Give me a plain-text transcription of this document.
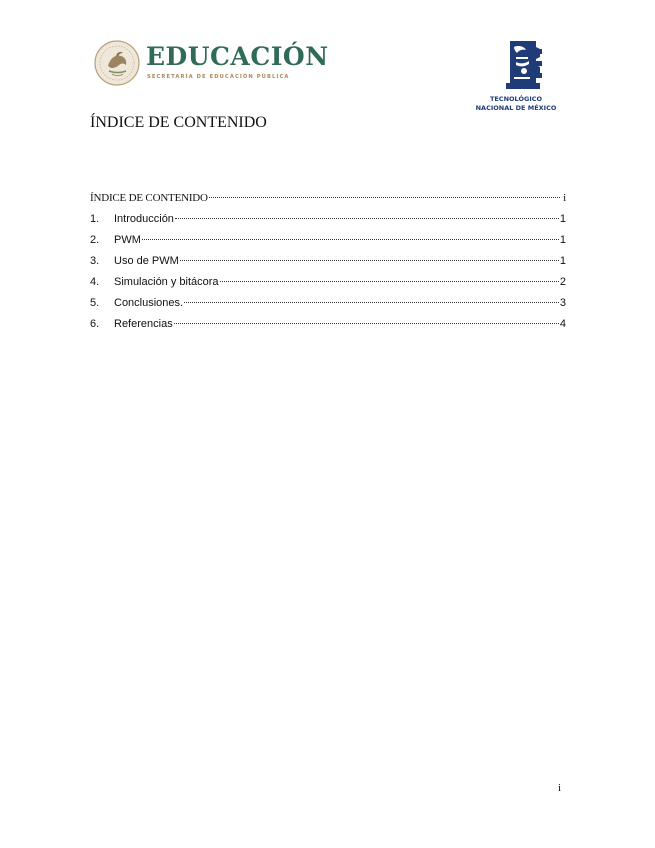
EDUCACIÓN
SECRETARÍA DE EDUCACIÓN PÚBLICA
TECNOLÓGICO
NACIONAL DE MÉXICO
ÍNDICE DE CONTENIDO
ÍNDICE DE CONTENIDO	i
1.	Introducción	1
2.	PWM	1
3.	Uso de PWM	1
4.	Simulación y bitácora	2
5.	Conclusiones.	3
6.	Referencias	4
i
